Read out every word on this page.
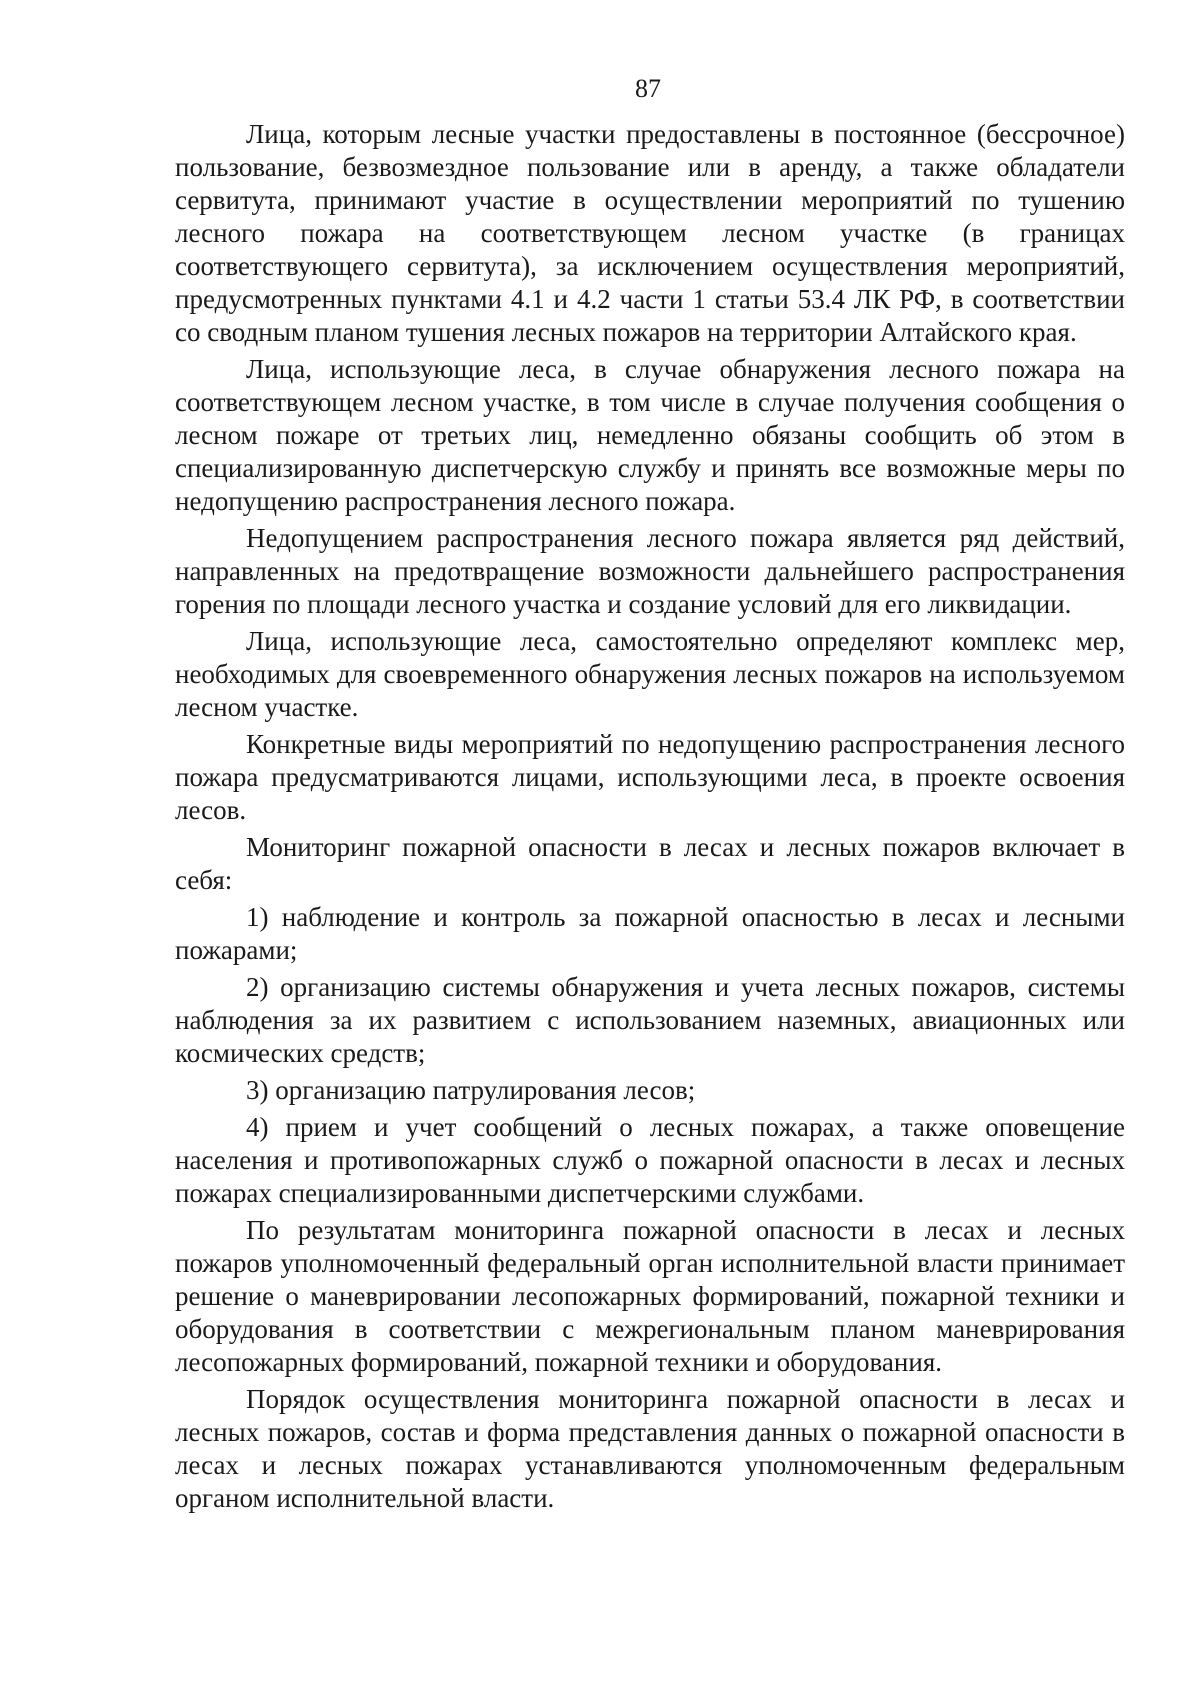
87

Лица, которым лесные участки предоставлены в постоянное (бессрочное) пользование, безвозмездное пользование или в аренду, а также обладатели сервитута, принимают участие в осуществлении мероприятий по тушению лесного пожара на соответствующем лесном участке (в границах соответствующего сервитута), за исключением осуществления мероприятий, предусмотренных пунктами 4.1 и 4.2 части 1 статьи 53.4 ЛК РФ, в соответствии со сводным планом тушения лесных пожаров на территории Алтайского края.

Лица, использующие леса, в случае обнаружения лесного пожара на соответствующем лесном участке, в том числе в случае получения сообщения о лесном пожаре от третьих лиц, немедленно обязаны сообщить об этом в специализированную диспетчерскую службу и принять все возможные меры по недопущению распространения лесного пожара.

Недопущением распространения лесного пожара является ряд действий, направленных на предотвращение возможности дальнейшего распространения горения по площади лесного участка и создание условий для его ликвидации.

Лица, использующие леса, самостоятельно определяют комплекс мер, необходимых для своевременного обнаружения лесных пожаров на используемом лесном участке.

Конкретные виды мероприятий по недопущению распространения лесного пожара предусматриваются лицами, использующими леса, в проекте освоения лесов.

Мониторинг пожарной опасности в лесах и лесных пожаров включает в себя:

1) наблюдение и контроль за пожарной опасностью в лесах и лесными пожарами;

2) организацию системы обнаружения и учета лесных пожаров, системы наблюдения за их развитием с использованием наземных, авиационных или космических средств;

3) организацию патрулирования лесов;

4) прием и учет сообщений о лесных пожарах, а также оповещение населения и противопожарных служб о пожарной опасности в лесах и лесных пожарах специализированными диспетчерскими службами.

По результатам мониторинга пожарной опасности в лесах и лесных пожаров уполномоченный федеральный орган исполнительной власти принимает решение о маневрировании лесопожарных формирований, пожарной техники и оборудования в соответствии с межрегиональным планом маневрирования лесопожарных формирований, пожарной техники и оборудования.

Порядок осуществления мониторинга пожарной опасности в лесах и лесных пожаров, состав и форма представления данных о пожарной опасности в лесах и лесных пожарах устанавливаются уполномоченным федеральным органом исполнительной власти.
